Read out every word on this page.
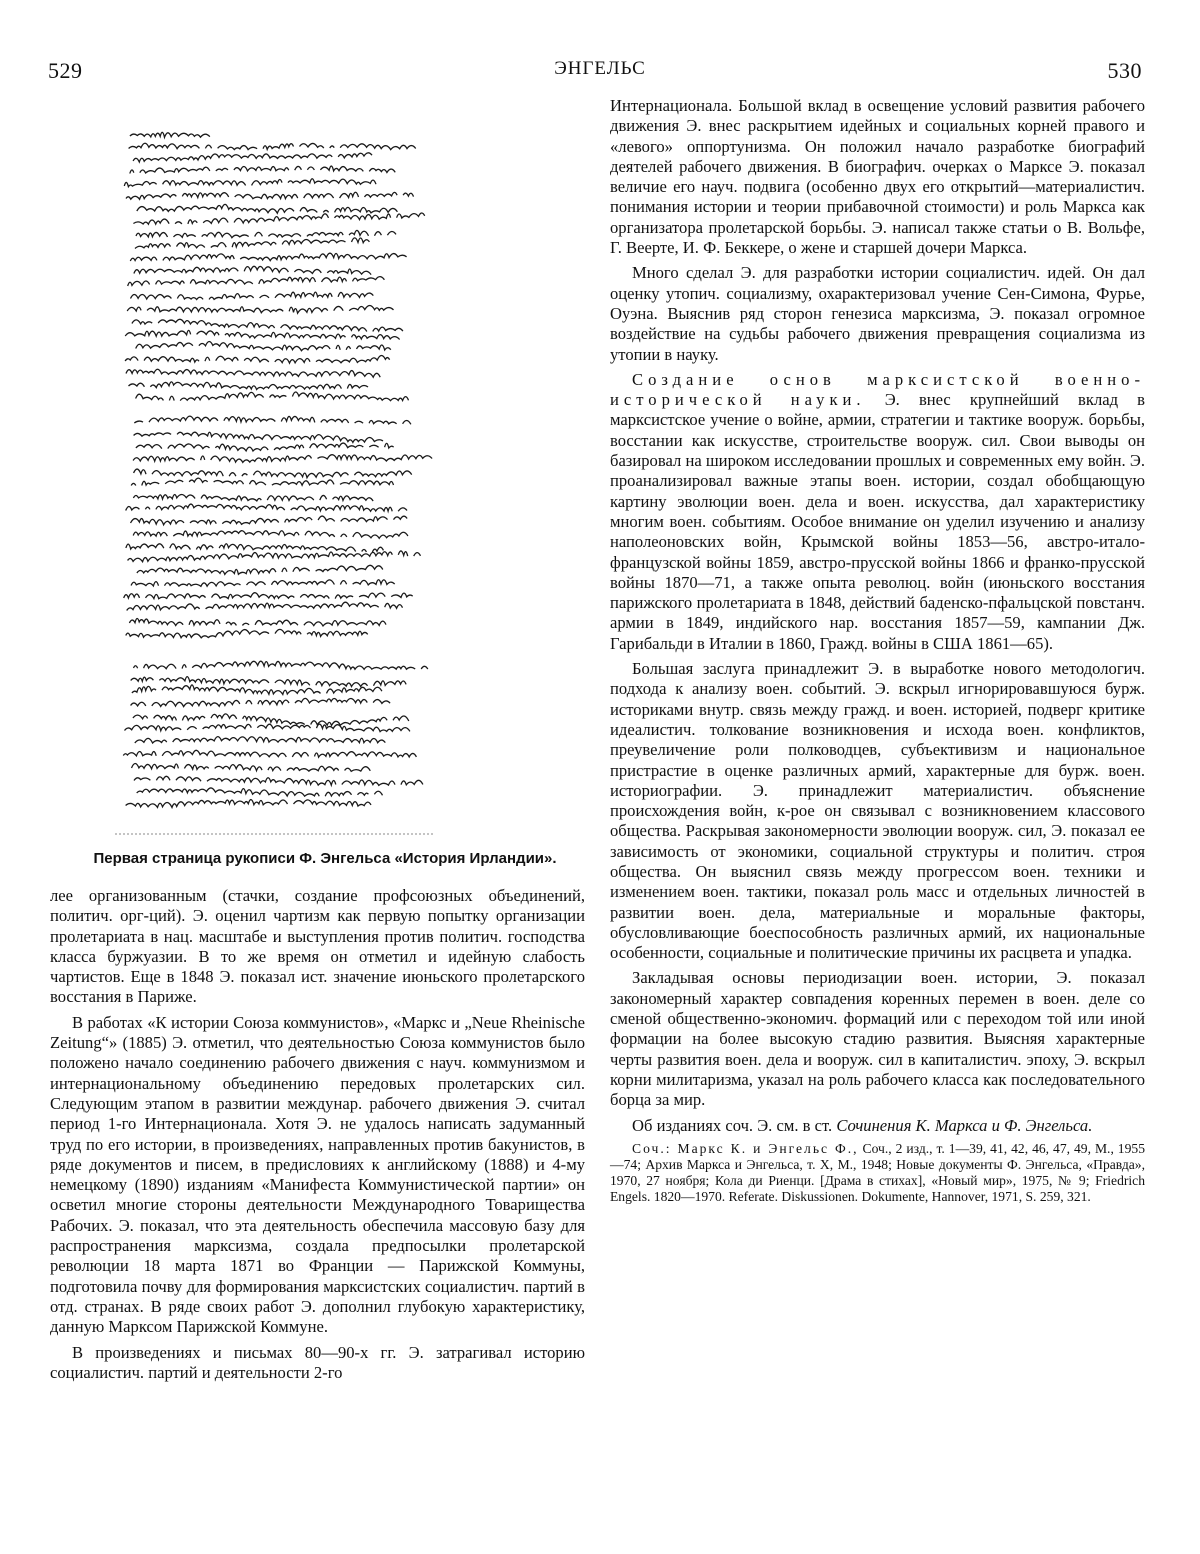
529	ЭНГЕЛЬС	530
Первая страница рукописи Ф. Энгельса «История Ирландии».

лее организованным (стачки, создание профсоюзных объединений, политич. орг-ций). Э. оценил чартизм как первую попытку организации пролетариата в нац. масштабе и выступления против политич. господства класса буржуазии. В то же время он отметил и идейную слабость чартистов. Еще в 1848 Э. показал ист. значение июньского пролетарского восстания в Париже.

В работах «К истории Союза коммунистов», «Маркс и „Neue Rheinische Zeitung“» (1885) Э. отметил, что деятельностью Союза коммунистов было положено начало соединению рабочего движения с науч. коммунизмом и интернациональному объединению передовых пролетарских сил. Следующим этапом в развитии междунар. рабочего движения Э. считал период 1-го Интернационала. Хотя Э. не удалось написать задуманный труд по его истории, в произведениях, направленных против бакунистов, в ряде документов и писем, в предисловиях к английскому (1888) и 4-му немецкому (1890) изданиям «Манифеста Коммунистической партии» он осветил многие стороны деятельности Международного Товарищества Рабочих. Э. показал, что эта деятельность обеспечила массовую базу для распространения марксизма, создала предпосылки пролетарской революции 18 марта 1871 во Франции — Парижской Коммуны, подготовила почву для формирования марксистских социалистич. партий в отд. странах. В ряде своих работ Э. дополнил глубокую характеристику, данную Марксом Парижской Коммуне.

В произведениях и письмах 80—90-х гг. Э. затрагивал историю социалистич. партий и деятельности 2-го

Интернационала. Большой вклад в освещение условий развития рабочего движения Э. внес раскрытием идейных и социальных корней правого и «левого» оппортунизма. Он положил начало разработке биографий деятелей рабочего движения. В биографич. очерках о Марксе Э. показал величие его науч. подвига (особенно двух его открытий—материалистич. понимания истории и теории прибавочной стоимости) и роль Маркса как организатора пролетарской борьбы. Э. написал также статьи о В. Вольфе, Г. Веерте, И. Ф. Беккере, о жене и старшей дочери Маркса.

Много сделал Э. для разработки истории социалистич. идей. Он дал оценку утопич. социализму, охарактеризовал учение Сен-Симона, Фурье, Оуэна. Выяснив ряд сторон генезиса марксизма, Э. показал огромное воздействие на судьбы рабочего движения превращения социализма из утопии в науку.

Создание основ марксистской военно-исторической науки. Э. внес крупнейший вклад в марксистское учение о войне, армии, стратегии и тактике вооруж. борьбы, восстании как искусстве, строительстве вооруж. сил. Свои выводы он базировал на широком исследовании прошлых и современных ему войн. Э. проанализировал важные этапы воен. истории, создал обобщающую картину эволюции воен. дела и воен. искусства, дал характеристику многим воен. событиям. Особое внимание он уделил изучению и анализу наполеоновских войн, Крымской войны 1853—56, австро-итало-французской войны 1859, австро-прусской войны 1866 и франко-прусской войны 1870—71, а также опыта революц. войн (июньского восстания парижского пролетариата в 1848, действий баденско-пфальцской повстанч. армии в 1849, индийского нар. восстания 1857—59, кампании Дж. Гарибальди в Италии в 1860, Гражд. войны в США 1861—65).

Большая заслуга принадлежит Э. в выработке нового методологич. подхода к анализу воен. событий. Э. вскрыл игнорировавшуюся бурж. историками внутр. связь между гражд. и воен. историей, подверг критике идеалистич. толкование возникновения и исхода воен. конфликтов, преувеличение роли полководцев, субъективизм и национальное пристрастие в оценке различных армий, характерные для бурж. воен. историографии. Э. принадлежит материалистич. объяснение происхождения войн, к-рое он связывал с возникновением классового общества. Раскрывая закономерности эволюции вооруж. сил, Э. показал ее зависимость от экономики, социальной структуры и политич. строя общества. Он выяснил связь между прогрессом воен. техники и изменением воен. тактики, показал роль масс и отдельных личностей в развитии воен. дела, материальные и моральные факторы, обусловливающие боеспособность различных армий, их национальные особенности, социальные и политические причины их расцвета и упадка.

Закладывая основы периодизации воен. истории, Э. показал закономерный характер совпадения коренных перемен в воен. деле со сменой общественно-экономич. формаций или с переходом той или иной формации на более высокую стадию развития. Выясняя характерные черты развития воен. дела и вооруж. сил в капиталистич. эпоху, Э. вскрыл корни милитаризма, указал на роль рабочего класса как последовательного борца за мир.

Об изданиях соч. Э. см. в ст. Сочинения К. Маркса и Ф. Энгельса.

Соч.: Маркс К. и Энгельс Ф., Соч., 2 изд., т. 1—39, 41, 42, 46, 47, 49, М., 1955—74; Архив Маркса и Энгельса, т. X, М., 1948; Новые документы Ф. Энгельса, «Правда», 1970, 27 ноября; Кола ди Риенци. [Драма в стихах], «Новый мир», 1975, № 9; Friedrich Engels. 1820—1970. Referate. Diskussionen. Dokumente, Hannover, 1971, S. 259, 321.
